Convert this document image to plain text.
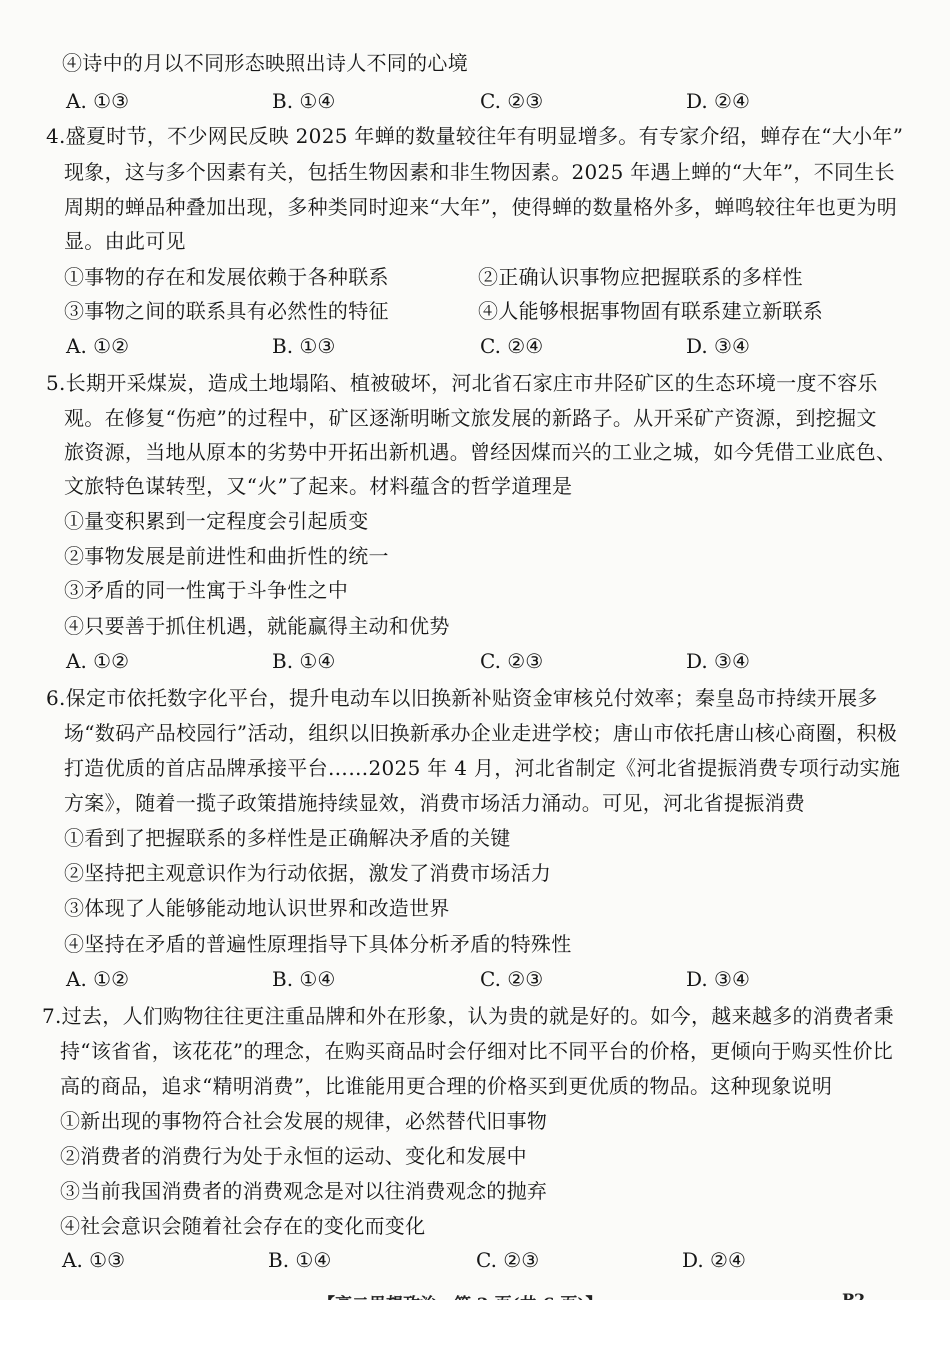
④诗中的月以不同形态映照出诗人不同的心境
A. ①③	B. ①④	C. ②③	D. ②④
4.盛夏时节，不少网民反映 2025 年蝉的数量较往年有明显增多。有专家介绍，蝉存在“大小年”
现象，这与多个因素有关，包括生物因素和非生物因素。2025 年遇上蝉的“大年”，不同生长
周期的蝉品种叠加出现，多种类同时迎来“大年”，使得蝉的数量格外多，蝉鸣较往年也更为明
显。由此可见
①事物的存在和发展依赖于各种联系	②正确认识事物应把握联系的多样性
③事物之间的联系具有必然性的特征	④人能够根据事物固有联系建立新联系
A. ①②	B. ①③	C. ②④	D. ③④
5.长期开采煤炭，造成土地塌陷、植被破坏，河北省石家庄市井陉矿区的生态环境一度不容乐
观。在修复“伤疤”的过程中，矿区逐渐明晰文旅发展的新路子。从开采矿产资源，到挖掘文
旅资源，当地从原本的劣势中开拓出新机遇。曾经因煤而兴的工业之城，如今凭借工业底色、
文旅特色谋转型，又“火”了起来。材料蕴含的哲学道理是
①量变积累到一定程度会引起质变
②事物发展是前进性和曲折性的统一
③矛盾的同一性寓于斗争性之中
④只要善于抓住机遇，就能赢得主动和优势
A. ①②	B. ①④	C. ②③	D. ③④
6.保定市依托数字化平台，提升电动车以旧换新补贴资金审核兑付效率；秦皇岛市持续开展多
场“数码产品校园行”活动，组织以旧换新承办企业走进学校；唐山市依托唐山核心商圈，积极
打造优质的首店品牌承接平台……2025 年 4 月，河北省制定《河北省提振消费专项行动实施
方案》，随着一揽子政策措施持续显效，消费市场活力涌动。可见，河北省提振消费
①看到了把握联系的多样性是正确解决矛盾的关键
②坚持把主观意识作为行动依据，激发了消费市场活力
③体现了人能够能动地认识世界和改造世界
④坚持在矛盾的普遍性原理指导下具体分析矛盾的特殊性
A. ①②	B. ①④	C. ②③	D. ③④
7.过去，人们购物往往更注重品牌和外在形象，认为贵的就是好的。如今，越来越多的消费者秉
持“该省省，该花花”的理念，在购买商品时会仔细对比不同平台的价格，更倾向于购买性价比
高的商品，追求“精明消费”，比谁能用更合理的价格买到更优质的物品。这种现象说明
①新出现的事物符合社会发展的规律，必然替代旧事物
②消费者的消费行为处于永恒的运动、变化和发展中
③当前我国消费者的消费观念是对以往消费观念的抛弃
④社会意识会随着社会存在的变化而变化
A. ①③	B. ①④	C. ②③	D. ②④
